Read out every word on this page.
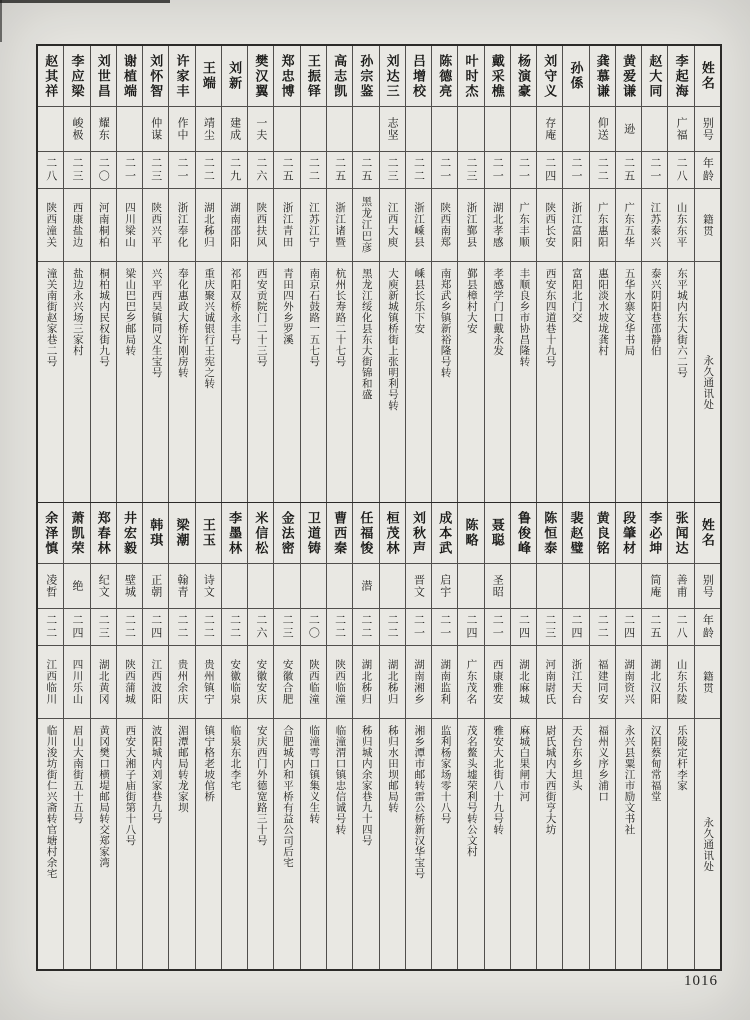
姓名
别号
年龄
籍贯
永久通讯处
李起海
广福
二八
山东东平
东平城内东大街六二号
赵大同
二一
江苏泰兴
泰兴阴阳巷邵静伯
黄爱谦
逊
二五
广东五华
五华水寨文华书局
龚慕谦
仰送
二二
广东惠阳
惠阳淡水坡垅龚村
孙係
二一
浙江富阳
富阳北门交
刘守义
存庵
二四
陕西长安
西安东四道巷十九号
杨演豪
二一
广东丰顺
丰顺良乡市协昌隆转
戴采樵
二一
湖北孝感
孝感学门口戴永发
叶时杰
二三
浙江鄞县
鄞县樟村大安
陈德亮
二一
陕西南郑
南郑武乡镇新裕隆号转
吕增校
二二
浙江嵊县
嵊县长乐下安
刘达三
志坚
二三
江西大庾
大庾新城镇桥街上张明利号转
孙宗鉴
二五
黑龙江巴彦
黑龙江绥化县东大街锦和盛
高志凯
二五
浙江诸暨
杭州长寿路二十七号
王振铎
二二
江苏江宁
南京石鼓路一五七号
郑忠博
二五
浙江青田
青田四外乡罗溪
樊汉翼
一夫
二六
陕西扶风
西安贡院门二十三号
刘新
建成
二九
湖南邵阳
祁阳双桥永丰号
王端
靖尘
二二
湖北秭归
重庆聚兴诚银行王宪之转
许家丰
作中
二一
浙江奉化
奉化惠政大桥许刚房转
刘怀智
仲谋
二三
陕西兴平
兴平西吴镇同义生宝号
谢植端
二一
四川梁山
梁山巴巴乡邮局转
刘世昌
耀东
二〇
河南桐柏
桐柏城内民权街九号
李应梁
峻极
二三
西康盐边
盐边永兴场三家村
赵其祥
二八
陕西潼关
潼关南街赵家巷二号
姓名
别号
年龄
籍贯
永久通讯处
张闻达
善甫
二八
山东乐陵
乐陵定杆李家
李必坤
筒庵
二五
湖北汉阳
汉阳蔡甸常福堂
段肇材
二四
湖南资兴
永兴县粟江市励文书社
黄良铭
二二
福建同安
福州义序乡浦口
裴赵璧
二四
浙江天台
天台东乡坦头
陈恒泰
二三
河南尉氏
尉氏城内大西街亨大坊
鲁俊峰
二四
湖北麻城
麻城白果闸市河
聂聪
圣昭
二一
西康雅安
雅安大北街八十九号转
陈略
二四
广东茂名
茂名鳌头墟荣利号转公文村
成本武
启宇
二一
湖南监利
监利杨家场零十八号
刘秋声
晋文
二一
湖南湘乡
湘乡潭市邮转雷公桥新汉华宝号
桓茂林
二二
湖北秭归
秭归水田坝邮局转
任福悛
潜
二二
湖北秭归
秭归城内余家巷九十四号
曹西秦
二二
陕西临潼
临潼渭口镇忠信诚号转
卫道铸
二〇
陕西临潼
临潼雩口镇集义生转
金法密
二三
安徽合肥
合肥城内和平桥有益公司后宅
米信松
二六
安徽安庆
安庆西门外德宽路三十号
李墨林
二二
安徽临泉
临泉东北李宅
王玉
诗文
二二
贵州镇宁
镇宁格老坡倌桥
梁潮
翰青
二二
贵州余庆
湄潭邮局转龙家坝
韩琪
正朝
二四
江西波阳
波阳城内刘家巷九号
井宏毅
壁城
二二
陕西蒲城
西安大湘子庙街第十八号
郑春林
纪文
二三
湖北黄冈
黄冈樊口横堤邮局转交郑家湾
萧凯荣
绝
二四
四川乐山
眉山大南街五十五号
余泽慎
凌哲
二二
江西临川
临川浚坊街仁兴斋转官塘村余宅
1016
